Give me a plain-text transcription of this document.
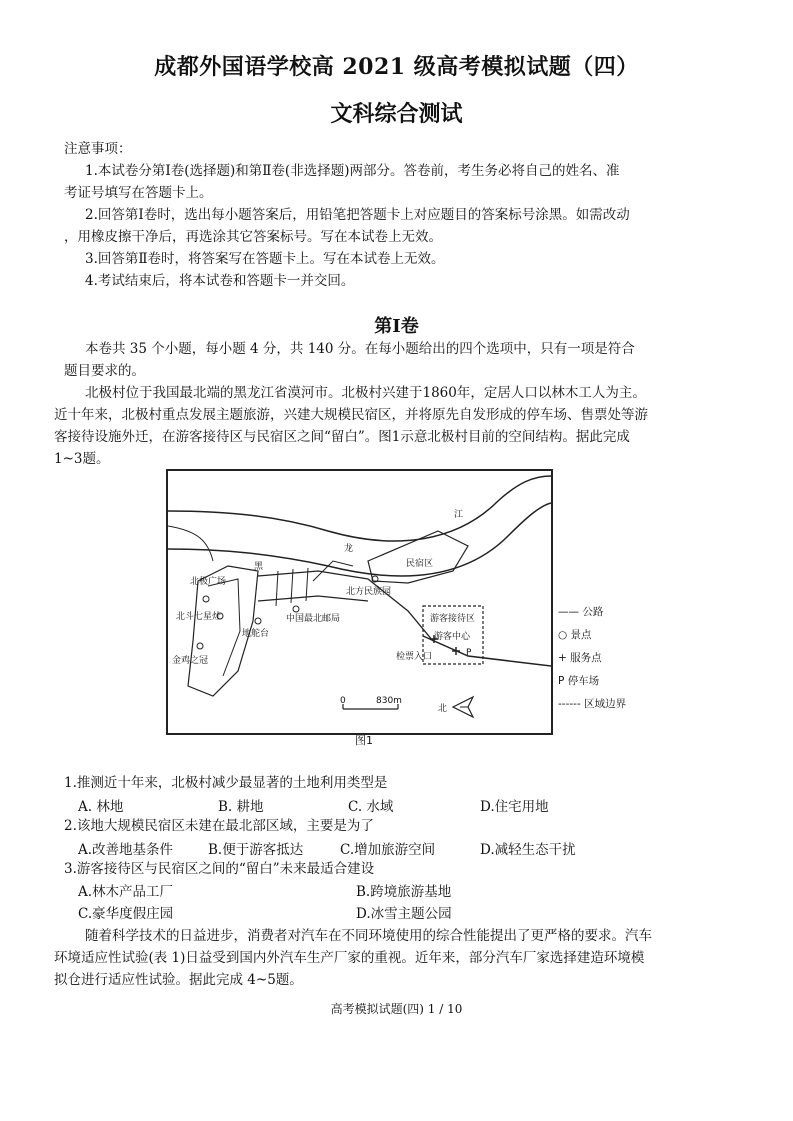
成都外国语学校高 2021 级高考模拟试题（四）
文科综合测试
注意事项：
1.本试卷分第Ⅰ卷(选择题)和第Ⅱ卷(非选择题)两部分。答卷前，考生务必将自己的姓名、准
考证号填写在答题卡上。
2.回答第Ⅰ卷时，选出每小题答案后，用铅笔把答题卡上对应题目的答案标号涂黑。如需改动
，用橡皮擦干净后，再选涂其它答案标号。写在本试卷上无效。
3.回答第Ⅱ卷时，将答案写在答题卡上。写在本试卷上无效。
4.考试结束后，将本试卷和答题卡一并交回。
第Ⅰ卷
本卷共 35 个小题，每小题 4 分，共 140 分。在每小题给出的四个选项中，只有一项是符合
题目要求的。
北极村位于我国最北端的黑龙江省漠河市。北极村兴建于1860年，定居人口以林木工人为主。
近十年来，北极村重点发展主题旅游，兴建大规模民宿区，并将原先自发形成的停车场、售票处等游
客接待设施外迁，在游客接待区与民宿区之间“留白”。图1示意北极村目前的空间结构。据此完成
1~3题。
黑
龙
江
民宿区
北极广场
北斗七星灶
金鸡之冠
地舵台
中国最北邮局
北方民族园
游客接待区
游客中心
P
检票入口
0	830m
北
—— 公路
○ 景点
+ 服务点
P 停车场
------ 区域边界
图1
1.推测近十年来，北极村减少最显著的土地利用类型是
A. 林地	B. 耕地	C. 水域	D.住宅用地
2.该地大规模民宿区未建在最北部区域，主要是为了
A.改善地基条件	B.便于游客抵达	C.增加旅游空间	D.减轻生态干扰
3.游客接待区与民宿区之间的“留白”未来最适合建设
A.林木产品工厂	B.跨境旅游基地
C.豪华度假庄园	D.冰雪主题公园
随着科学技术的日益进步，消费者对汽车在不同环境使用的综合性能提出了更严格的要求。汽车
环境适应性试验(表 1)日益受到国内外汽车生产厂家的重视。近年来，部分汽车厂家选择建造环境模
拟仓进行适应性试验。据此完成 4~5题。
高考模拟试题(四) 1 / 10
